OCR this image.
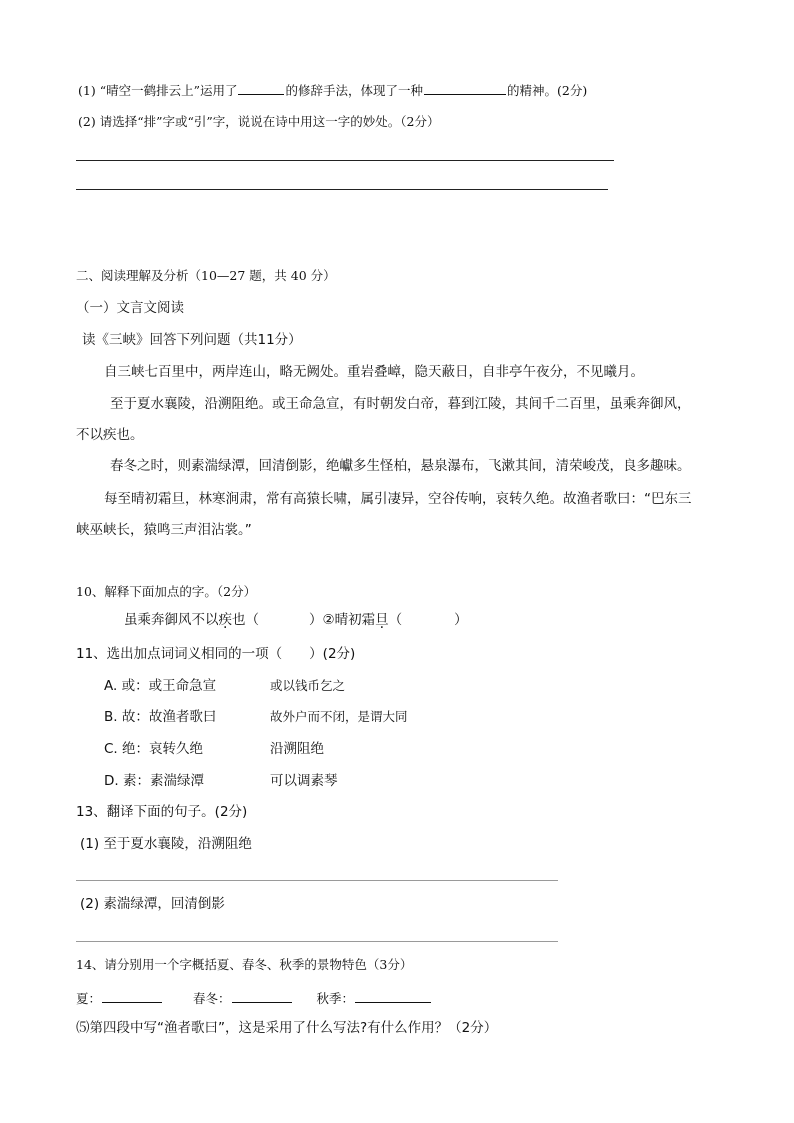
(1) “晴空一鹤排云上”运用了	的修辞手法，体现了一种	的精神。(2分)
(2) 请选择“排”字或“引”字，说说在诗中用这一字的妙处。（2分）
二、阅读理解及分析（10—27 题，共 40 分）
（一）文言文阅读
读《三峡》回答下列问题（共11分）
自三峡七百里中，两岸连山，略无阙处。重岩叠嶂，隐天蔽日，自非亭午夜分，不见曦月。
至于夏水襄陵，沿溯阻绝。或王命急宣，有时朝发白帝，暮到江陵，其间千二百里，虽乘奔御风，
不以疾也。
春冬之时，则素湍绿潭，回清倒影，绝巘多生怪柏，悬泉瀑布，飞漱其间，清荣峻茂，良多趣味。
每至晴初霜旦，林寒涧肃，常有高猿长啸，属引凄异，空谷传响，哀转久绝。故渔者歌曰：“巴东三
峡巫峡长，猿鸣三声泪沾裳。”
10、解释下面加点的字。（2分）
虽乘奔御风不以疾也（	）②晴初霜旦（	）
11、选出加点词词义相同的一项（　　）(2分)
A. 或：或王命急宣	或以钱币乞之
B. 故：故渔者歌曰	故外户而不闭，是谓大同
C. 绝：哀转久绝	沿溯阻绝
D. 素：素湍绿潭	可以调素琴
13、翻译下面的句子。(2分)
(1) 至于夏水襄陵，沿溯阻绝
(2) 素湍绿潭，回清倒影
14、请分别用一个字概括夏、春冬、秋季的景物特色（3分）
夏：	春冬：	秋季：
⑸第四段中写“渔者歌曰”，这是采用了什么写法?有什么作用？（2分）
